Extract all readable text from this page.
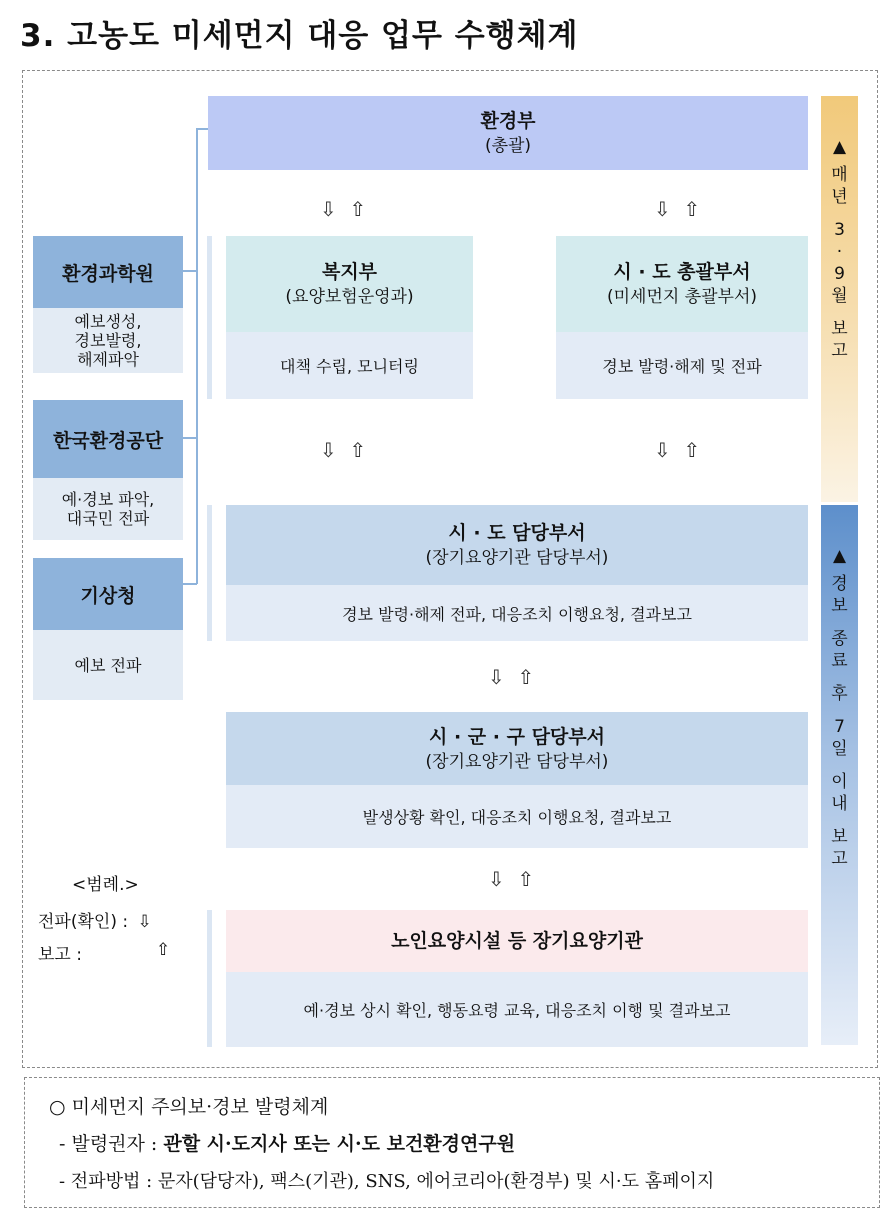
3. 고농도 미세먼지 대응 업무 수행체계
환경부
(총괄)
⇩ ⇧	⇩ ⇧
복지부
(요양보험운영과)
대책 수립, 모니터링
시 · 도 총괄부서
(미세먼지 총괄부서)
경보 발령·해제 및 전파
⇩ ⇧	⇩ ⇧
시 · 도 담당부서
(장기요양기관 담당부서)
경보 발령·해제 전파, 대응조치 이행요청, 결과보고
⇩ ⇧
시 · 군 · 구 담당부서
(장기요양기관 담당부서)
발생상황 확인, 대응조치 이행요청, 결과보고
⇩ ⇧
노인요양시설 등 장기요양기관
예·경보 상시 확인, 행동요령 교육, 대응조치 이행 및 결과보고
환경과학원
예보생성,
경보발령,
해제파악
한국환경공단
예·경보 파악,
대국민 전파
기상청
예보 전파
▲
매
년
3
·
9
월
보
고
▲
경
보
종
료
후
7
일
이
내
보
고
<범례.>
전파(확인) : ⇩
보고 :	⇧
○ 미세먼지 주의보·경보 발령체계
- 발령권자 : 관할 시·도지사 또는 시·도 보건환경연구원
- 전파방법 : 문자(담당자), 팩스(기관), SNS, 에어코리아(환경부) 및 시·도 홈페이지
